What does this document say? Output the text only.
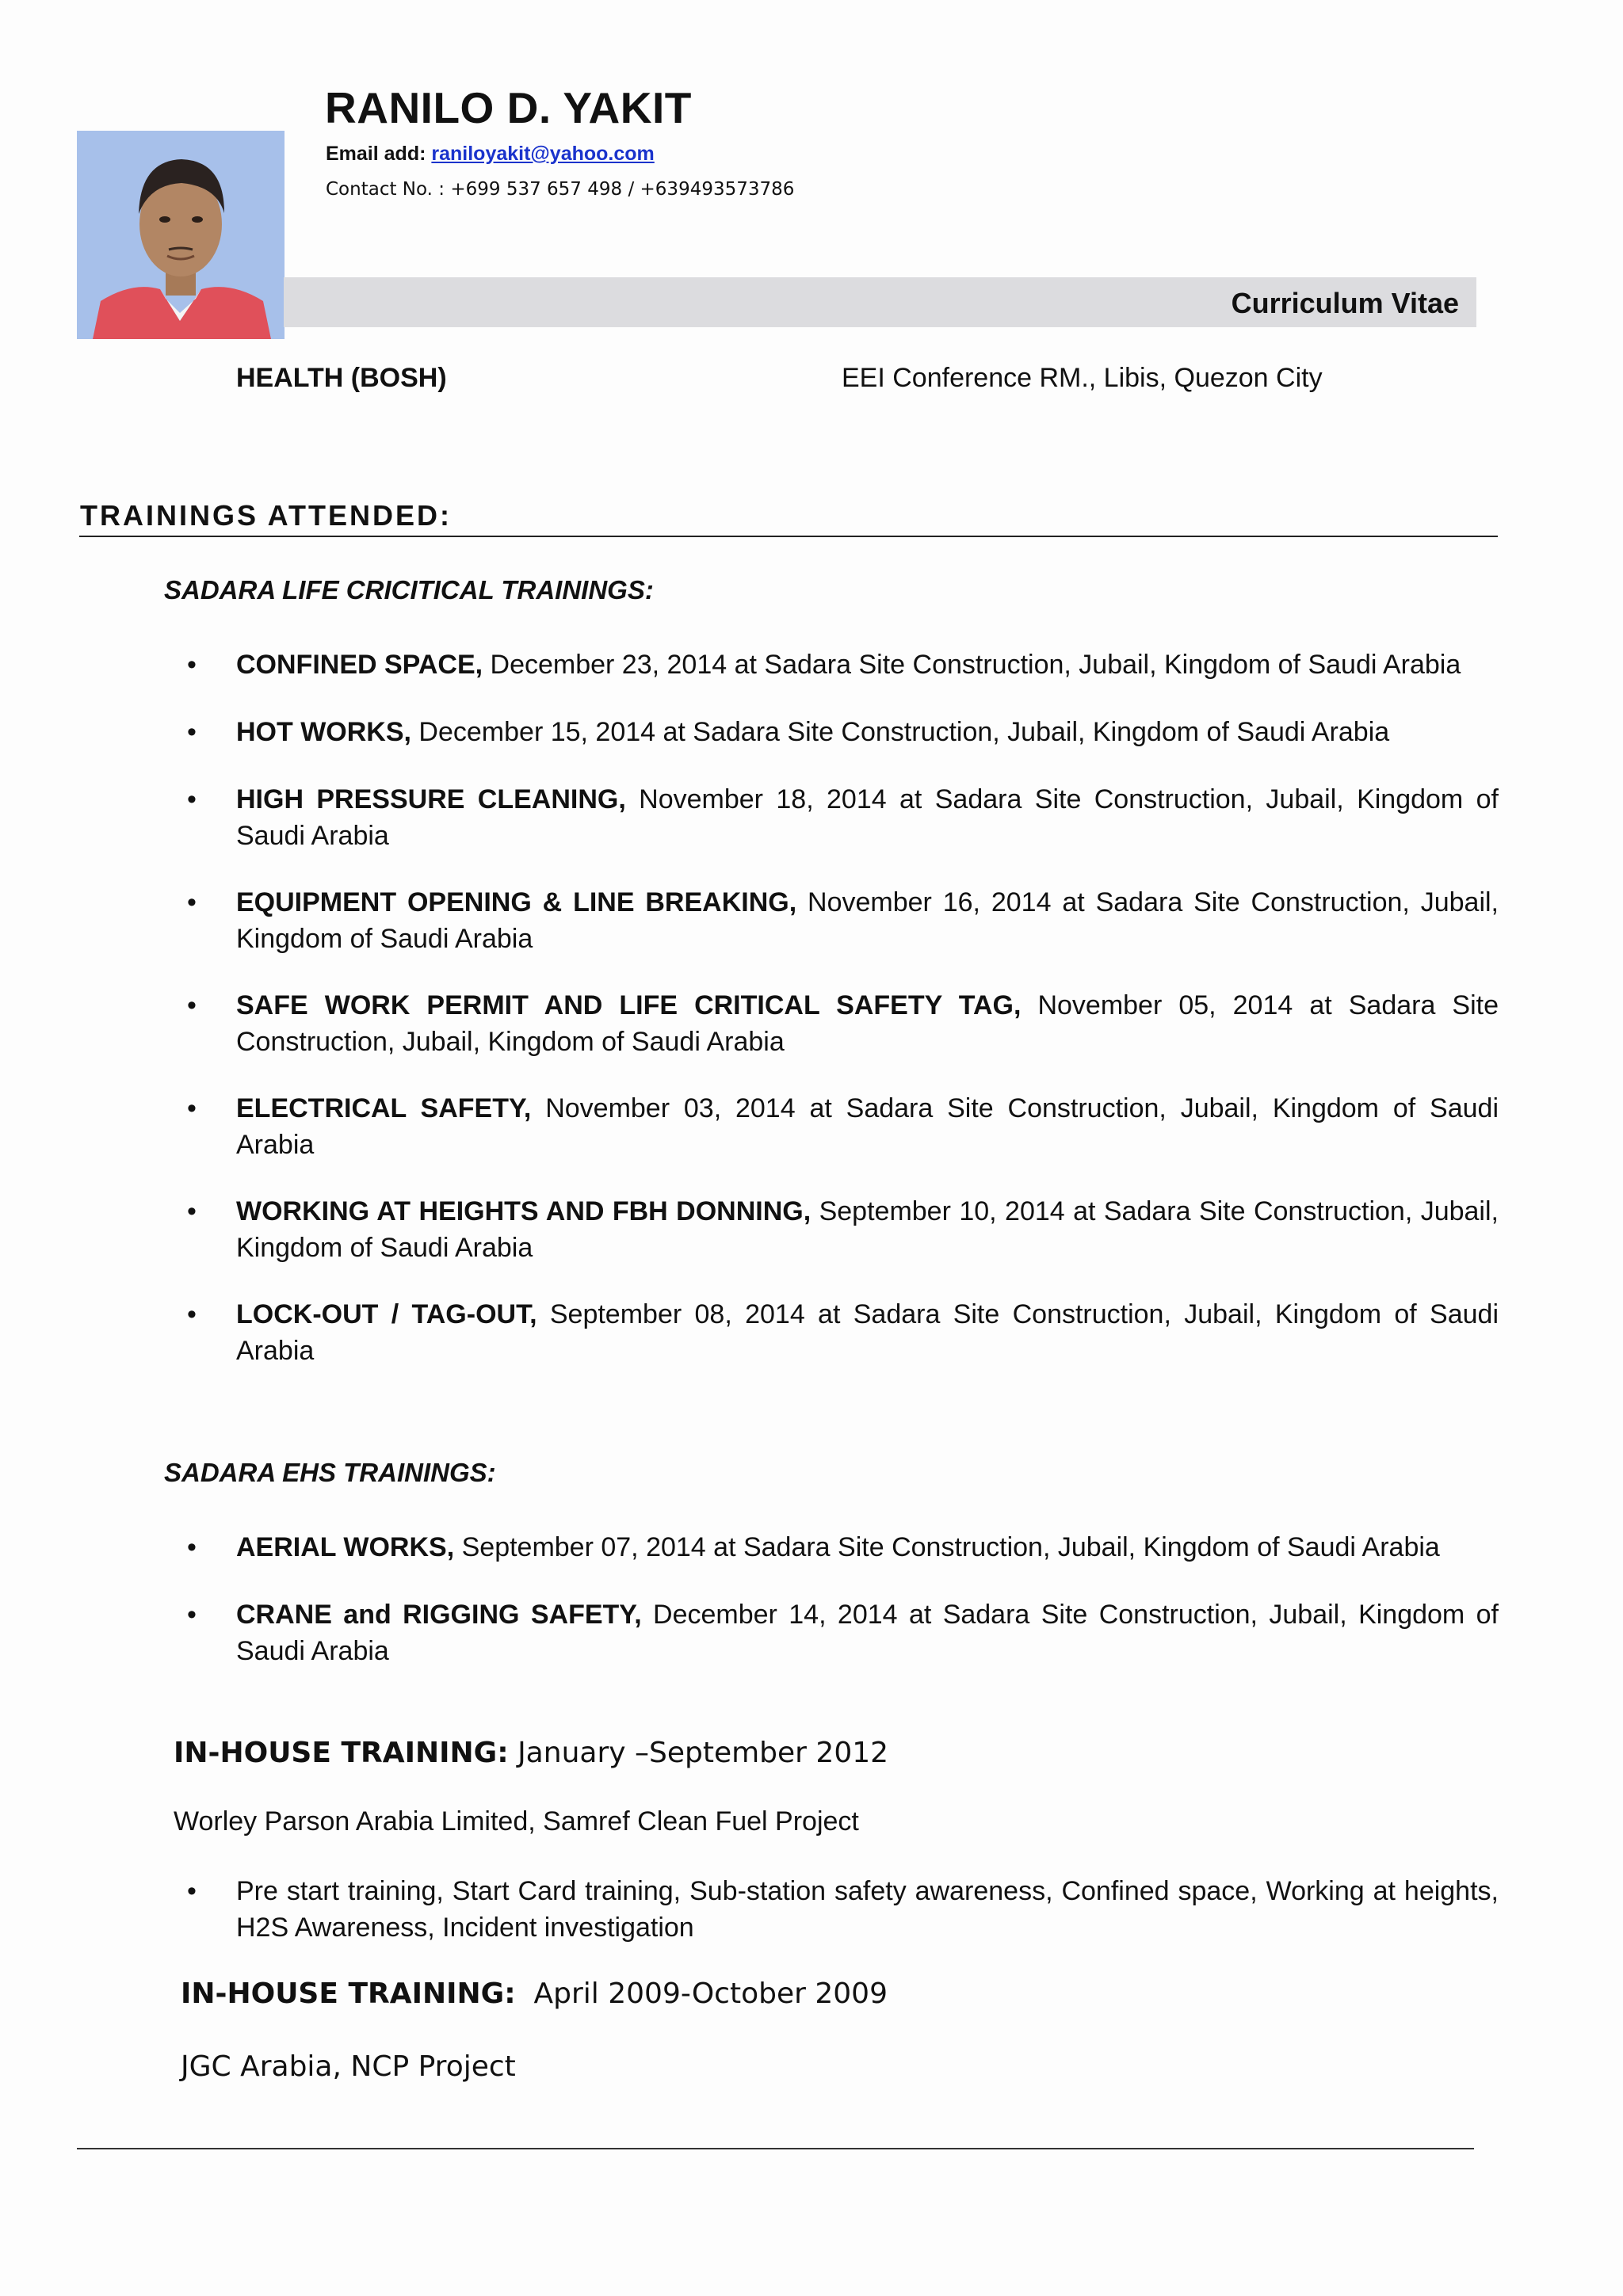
RANILO D. YAKIT
Email add: raniloyakit@yahoo.com
Contact No. : +699 537 657 498 / +639493573786
Curriculum Vitae
HEALTH (BOSH)	EEI Conference RM., Libis, Quezon City
TRAININGS ATTENDED:
SADARA LIFE CRICITICAL TRAININGS:
• CONFINED SPACE, December 23, 2014 at Sadara Site Construction, Jubail, Kingdom of Saudi Arabia
• HOT WORKS, December 15, 2014 at Sadara Site Construction, Jubail, Kingdom of Saudi Arabia
• HIGH PRESSURE CLEANING, November 18, 2014 at Sadara Site Construction, Jubail, Kingdom of Saudi Arabia
• EQUIPMENT OPENING & LINE BREAKING, November 16, 2014 at Sadara Site Construction, Jubail, Kingdom of Saudi Arabia
• SAFE WORK PERMIT AND LIFE CRITICAL SAFETY TAG, November 05, 2014 at Sadara Site Construction, Jubail, Kingdom of Saudi Arabia
• ELECTRICAL SAFETY, November 03, 2014 at Sadara Site Construction, Jubail, Kingdom of Saudi Arabia
• WORKING AT HEIGHTS AND FBH DONNING, September 10, 2014 at Sadara Site Construction, Jubail, Kingdom of Saudi Arabia
• LOCK-OUT / TAG-OUT, September 08, 2014 at Sadara Site Construction, Jubail, Kingdom of Saudi Arabia
SADARA EHS TRAININGS:
• AERIAL WORKS, September 07, 2014 at Sadara Site Construction, Jubail, Kingdom of Saudi Arabia
• CRANE and RIGGING SAFETY, December 14, 2014 at Sadara Site Construction, Jubail, Kingdom of Saudi Arabia
IN-HOUSE TRAINING: January –September 2012
Worley Parson Arabia Limited, Samref Clean Fuel Project
• Pre start training, Start Card training, Sub-station safety awareness, Confined space, Working at heights, H2S Awareness, Incident investigation
IN-HOUSE TRAINING:  April 2009-October 2009
JGC Arabia, NCP Project
